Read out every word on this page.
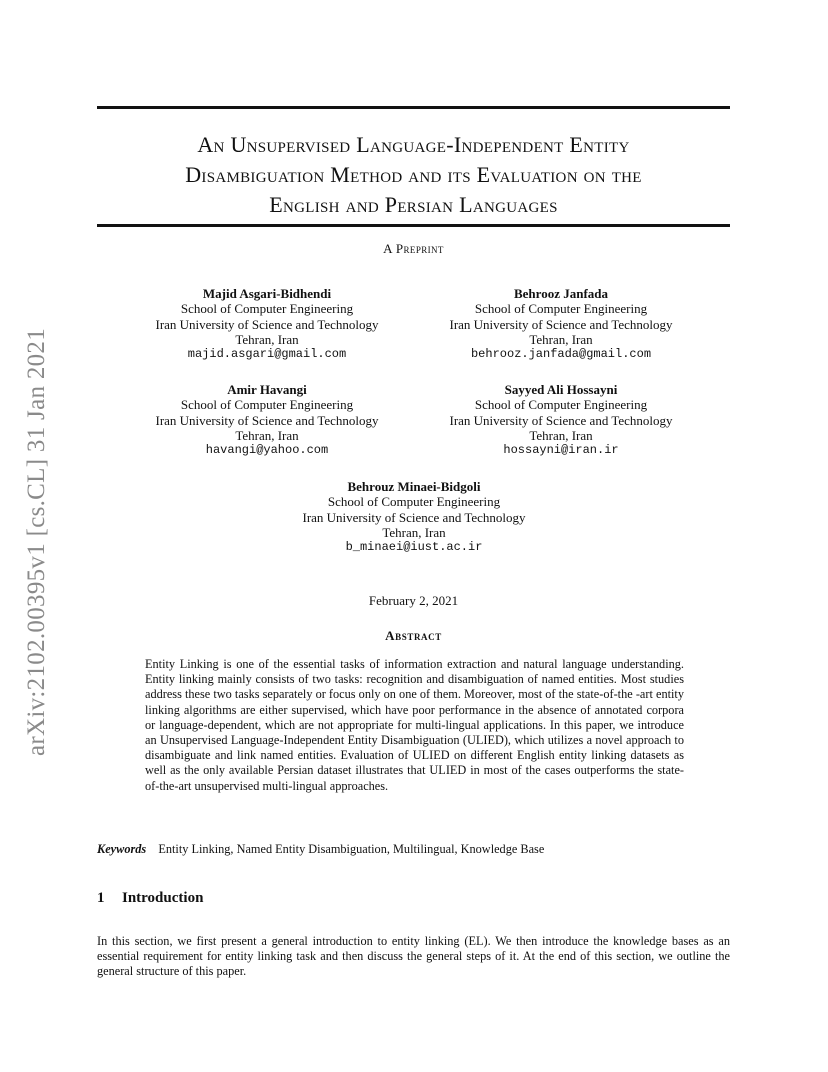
arXiv:2102.00395v1 [cs.CL] 31 Jan 2021
An Unsupervised Language-Independent Entity
Disambiguation Method and its Evaluation on the
English and Persian Languages
A Preprint
Majid Asgari-Bidhendi
School of Computer Engineering
Iran University of Science and Technology
Tehran, Iran
majid.asgari@gmail.com
Behrooz Janfada
School of Computer Engineering
Iran University of Science and Technology
Tehran, Iran
behrooz.janfada@gmail.com
Amir Havangi
School of Computer Engineering
Iran University of Science and Technology
Tehran, Iran
havangi@yahoo.com
Sayyed Ali Hossayni
School of Computer Engineering
Iran University of Science and Technology
Tehran, Iran
hossayni@iran.ir
Behrouz Minaei-Bidgoli
School of Computer Engineering
Iran University of Science and Technology
Tehran, Iran
b_minaei@iust.ac.ir
February 2, 2021
Abstract
Entity Linking is one of the essential tasks of information extraction and natural language understanding. Entity linking mainly consists of two tasks: recognition and disambiguation of named entities. Most studies address these two tasks separately or focus only on one of them. Moreover, most of the state-of-the -art entity linking algorithms are either supervised, which have poor performance in the absence of annotated corpora or language-dependent, which are not appropriate for multi-lingual applications. In this paper, we introduce an Unsupervised Language-Independent Entity Disambiguation (ULIED), which utilizes a novel approach to disambiguate and link named entities. Evaluation of ULIED on different English entity linking datasets as well as the only available Persian dataset illustrates that ULIED in most of the cases outperforms the state-of-the-art unsupervised multi-lingual approaches.
Keywords Entity Linking, Named Entity Disambiguation, Multilingual, Knowledge Base
1 Introduction
In this section, we first present a general introduction to entity linking (EL). We then introduce the knowledge bases as an essential requirement for entity linking task and then discuss the general steps of it. At the end of this section, we outline the general structure of this paper.
